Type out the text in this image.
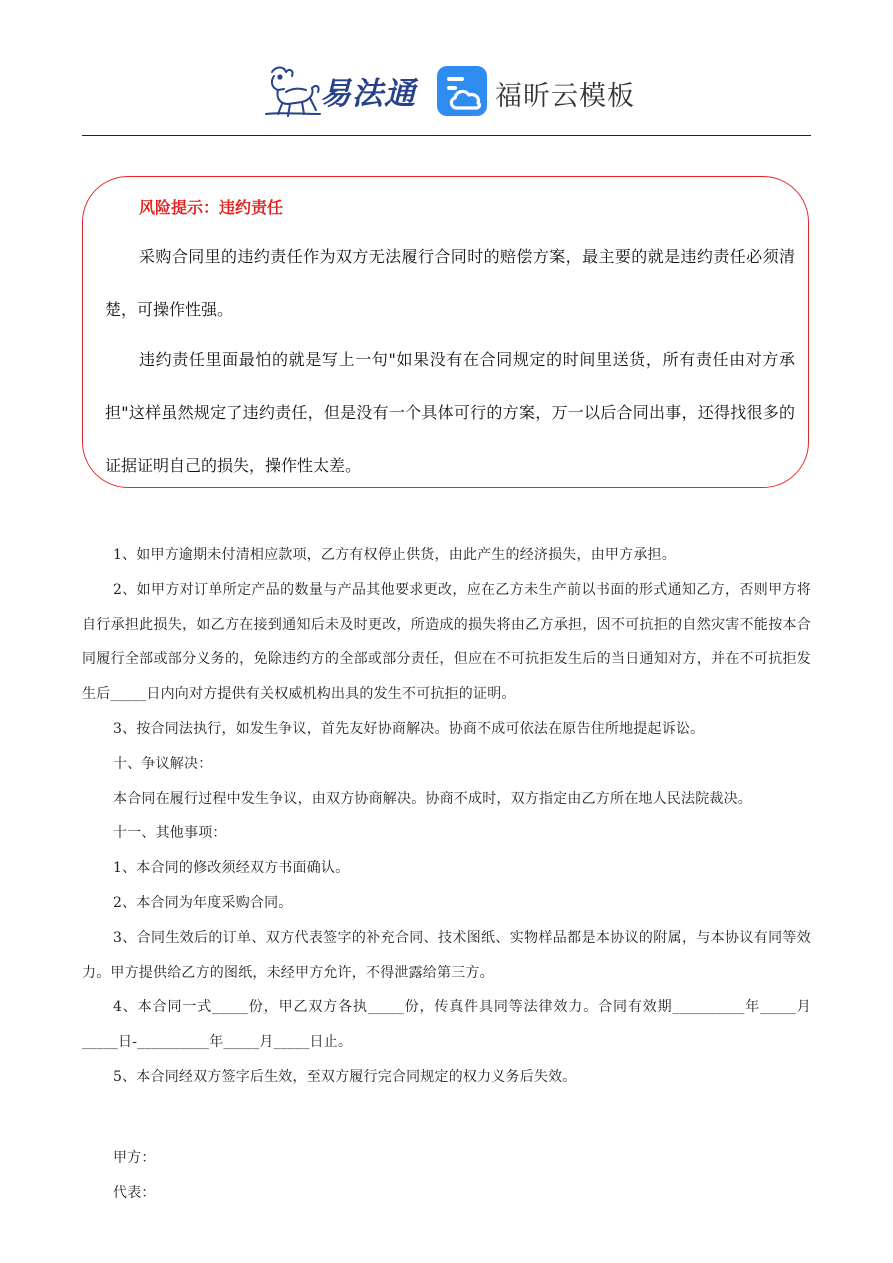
易法通	福昕云模板
风险提示：违约责任

采购合同里的违约责任作为双方无法履行合同时的赔偿方案，最主要的就是违约责任必须清楚，可操作性强。

违约责任里面最怕的就是写上一句"如果没有在合同规定的时间里送货，所有责任由对方承担"这样虽然规定了违约责任，但是没有一个具体可行的方案，万一以后合同出事，还得找很多的证据证明自己的损失，操作性太差。

1、如甲方逾期未付清相应款项，乙方有权停止供货，由此产生的经济损失，由甲方承担。

2、如甲方对订单所定产品的数量与产品其他要求更改，应在乙方未生产前以书面的形式通知乙方，否则甲方将自行承担此损失，如乙方在接到通知后未及时更改，所造成的损失将由乙方承担，因不可抗拒的自然灾害不能按本合同履行全部或部分义务的，免除违约方的全部或部分责任，但应在不可抗拒发生后的当日通知对方，并在不可抗拒发生后_____日内向对方提供有关权威机构出具的发生不可抗拒的证明。

3、按合同法执行，如发生争议，首先友好协商解决。协商不成可依法在原告住所地提起诉讼。

十、争议解决：

本合同在履行过程中发生争议，由双方协商解决。协商不成时，双方指定由乙方所在地人民法院裁决。

十一、其他事项：

1、本合同的修改须经双方书面确认。

2、本合同为年度采购合同。

3、合同生效后的订单、双方代表签字的补充合同、技术图纸、实物样品都是本协议的附属，与本协议有同等效力。甲方提供给乙方的图纸，未经甲方允许，不得泄露给第三方。

4、本合同一式_____份，甲乙双方各执_____份，传真件具同等法律效力。合同有效期__________年_____月_____日-__________年_____月_____日止。

5、本合同经双方签字后生效，至双方履行完合同规定的权力义务后失效。

甲方：

代表：
